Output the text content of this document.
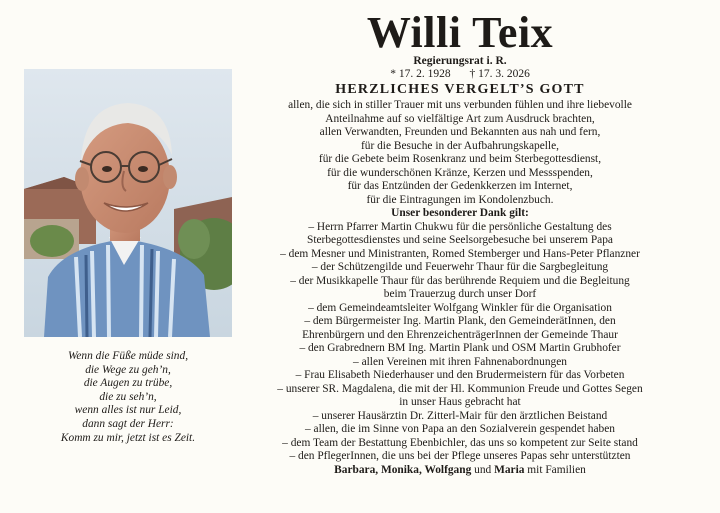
Willi Teix
Regierungsrat i. R.
* 17. 2. 1928 † 17. 3. 2026
HERZLICHES VERGELT’S GOTT
allen, die sich in stiller Trauer mit uns verbunden fühlen und ihre liebevolle
Anteilnahme auf so vielfältige Art zum Ausdruck brachten,
allen Verwandten, Freunden und Bekannten aus nah und fern,
für die Besuche in der Aufbahrungskapelle,
für die Gebete beim Rosenkranz und beim Sterbegottesdienst,
für die wunderschönen Kränze, Kerzen und Messspenden,
für das Entzünden der Gedenkkerzen im Internet,
für die Eintragungen im Kondolenzbuch.
Unser besonderer Dank gilt:
– Herrn Pfarrer Martin Chukwu für die persönliche Gestaltung des
Sterbegottesdienstes und seine Seelsorgebesuche bei unserem Papa
– dem Mesner und Ministranten, Romed Stemberger und Hans-Peter Pflanzner
– der Schützengilde und Feuerwehr Thaur für die Sargbegleitung
– der Musikkapelle Thaur für das berührende Requiem und die Begleitung
beim Trauerzug durch unser Dorf
– dem Gemeindeamtsleiter Wolfgang Winkler für die Organisation
– dem Bürgermeister Ing. Martin Plank, den GemeinderätInnen, den
Ehrenbürgern und den EhrenzeichenträgerInnen der Gemeinde Thaur
– den Grabrednern BM Ing. Martin Plank und OSM Martin Grubhofer
– allen Vereinen mit ihren Fahnenabordnungen
– Frau Elisabeth Niederhauser und den Brudermeistern für das Vorbeten
– unserer SR. Magdalena, die mit der Hl. Kommunion Freude und Gottes Segen
in unser Haus gebracht hat
– unserer Hausärztin Dr. Zitterl-Mair für den ärztlichen Beistand
– allen, die im Sinne von Papa an den Sozialverein gespendet haben
– dem Team der Bestattung Ebenbichler, das uns so kompetent zur Seite stand
– den PflegerInnen, die uns bei der Pflege unseres Papas sehr unterstützten
Barbara, Monika, Wolfgang und Maria mit Familien
Wenn die Füße müde sind,
die Wege zu geh’n,
die Augen zu trübe,
die zu seh’n,
wenn alles ist nur Leid,
dann sagt der Herr:
Komm zu mir, jetzt ist es Zeit.
